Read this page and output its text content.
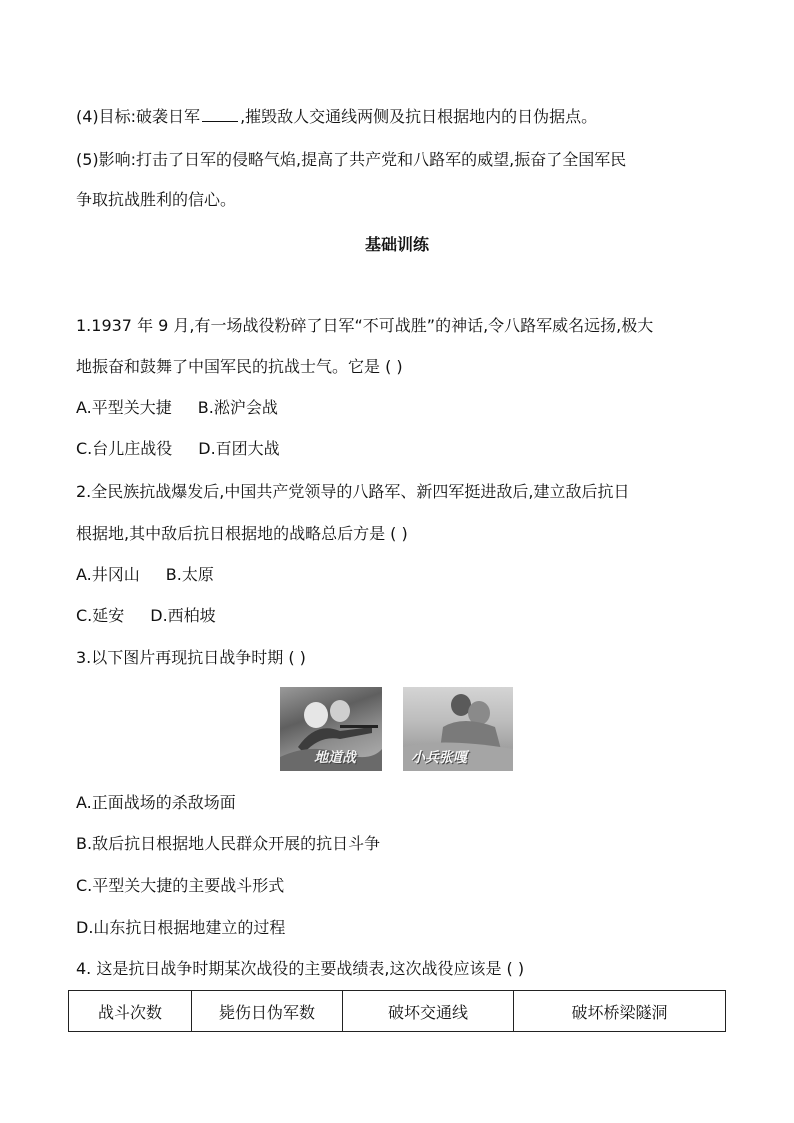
(4)目标:破袭日军	,摧毁敌人交通线两侧及抗日根据地内的日伪据点。
(5)影响:打击了日军的侵略气焰,提高了共产党和八路军的威望,振奋了全国军民
争取抗战胜利的信心。
基础训练
1.1937 年 9 月,有一场战役粉碎了日军“不可战胜”的神话,令八路军威名远扬,极大
地振奋和鼓舞了中国军民的抗战士气。它是 ( )
A.平型关大捷 B.淞沪会战
C.台儿庄战役 D.百团大战
2.全民族抗战爆发后,中国共产党领导的八路军、新四军挺进敌后,建立敌后抗日
根据地,其中敌后抗日根据地的战略总后方是 ( )
A.井冈山 B.太原
C.延安 D.西柏坡
3.以下图片再现抗日战争时期 ( )
地道战	小兵张嘎
A.正面战场的杀敌场面
B.敌后抗日根据地人民群众开展的抗日斗争
C.平型关大捷的主要战斗形式
D.山东抗日根据地建立的过程
4. 这是抗日战争时期某次战役的主要战绩表,这次战役应该是 ( )
战斗次数	毙伤日伪军数	破坏交通线	破坏桥梁隧洞
